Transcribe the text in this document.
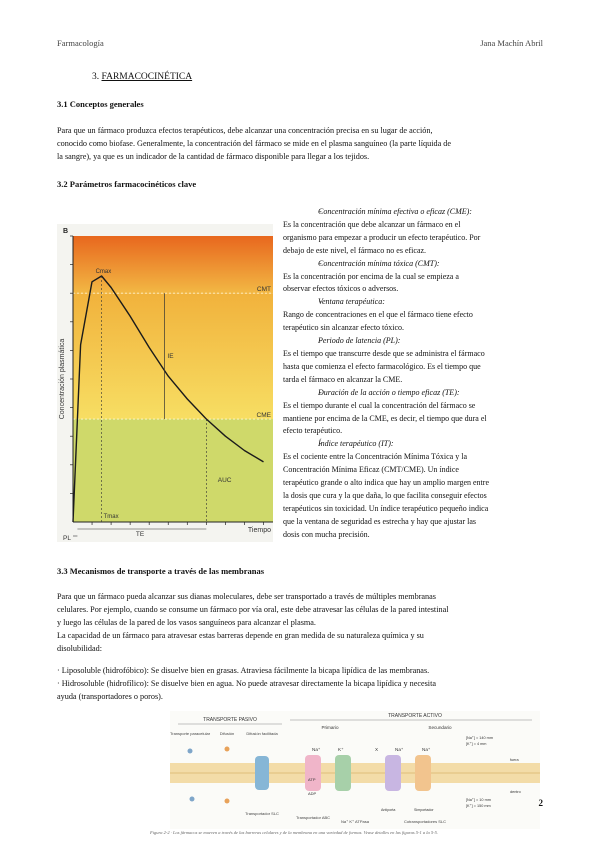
Farmacología	Jana Machín Abril
3. FARMACOCINÉTICA
3.1 Conceptos generales
Para que un fármaco produzca efectos terapéuticos, debe alcanzar una concentración precisa en su lugar de acción,
conocido como biofase. Generalmente, la concentración del fármaco se mide en el plasma sanguíneo (la parte líquida de
la sangre), ya que es un indicador de la cantidad de fármaco disponible para llegar a los tejidos.
3.2 Parámetros farmacocinéticos clave
B
CMT
CME
Cmax
IE
AUC
Tmax
Tiempo
Concentración plasmática
TE
PL
- Concentración mínima efectiva o eficaz (CME):
Es la concentración que debe alcanzar un fármaco en el
organismo para empezar a producir un efecto terapéutico. Por
debajo de este nivel, el fármaco no es eficaz.
- Concentración mínima tóxica (CMT):
Es la concentración por encima de la cual se empieza a
observar efectos tóxicos o adversos.
- Ventana terapéutica:
Rango de concentraciones en el que el fármaco tiene efecto
terapéutico sin alcanzar efecto tóxico.
- Periodo de latencia (PL):
Es el tiempo que transcurre desde que se administra el fármaco
hasta que comienza el efecto farmacológico. Es el tiempo que
tarda el fármaco en alcanzar la CME.
- Duración de la acción o tiempo eficaz (TE):
Es el tiempo durante el cual la concentración del fármaco se
mantiene por encima de la CME, es decir, el tiempo que dura el
efecto terapéutico.
- Índice terapéutico (IT):
Es el cociente entre la Concentración Mínima Tóxica y la
Concentración Mínima Eficaz (CMT/CME). Un índice
terapéutico grande o alto indica que hay un amplio margen entre
la dosis que cura y la que daña, lo que facilita conseguir efectos
terapéuticos sin toxicidad. Un índice terapéutico pequeño indica
que la ventana de seguridad es estrecha y hay que ajustar las
dosis con mucha precisión.
3.3 Mecanismos de transporte a través de las membranas
Para que un fármaco pueda alcanzar sus dianas moleculares, debe ser transportado a través de múltiples membranas
celulares. Por ejemplo, cuando se consume un fármaco por vía oral, este debe atravesar las células de la pared intestinal
y luego las células de la pared de los vasos sanguíneos para alcanzar el plasma.
La capacidad de un fármaco para atravesar estas barreras depende en gran medida de su naturaleza química y su
disolubilidad:
· Liposoluble (hidrofóbico): Se disuelve bien en grasas. Atraviesa fácilmente la bicapa lipídica de las membranas.
· Hidrosoluble (hidrofílico): Se disuelve bien en agua. No puede atravesar directamente la bicapa lipídica y necesita
ayuda (transportadores o poros).
TRANSPORTE PASIVO
TRANSPORTE ACTIVO
Primario	Secundario
Transporte paracelular Difusión	Difusión facilitada
Na⁺	K⁺	X	Na⁺	Na⁺
ATP
ADP
[Na⁺] = 140 mm
[K⁺] = 4 mm
fuera
dentro
[Na⁺] = 10 mm
[K⁺] = 150 mm
Antiporta	Simportador
Transportador SLC
Transportador ABC
Na⁺ K⁺ ATPasa	Cotransportadores SLC
2
Figura 2-2 · Los fármacos se mueven a través de las barreras celulares y de la membrana en una variedad de formas. Vease detalles en las figuras 5-1 a la 5-5.
